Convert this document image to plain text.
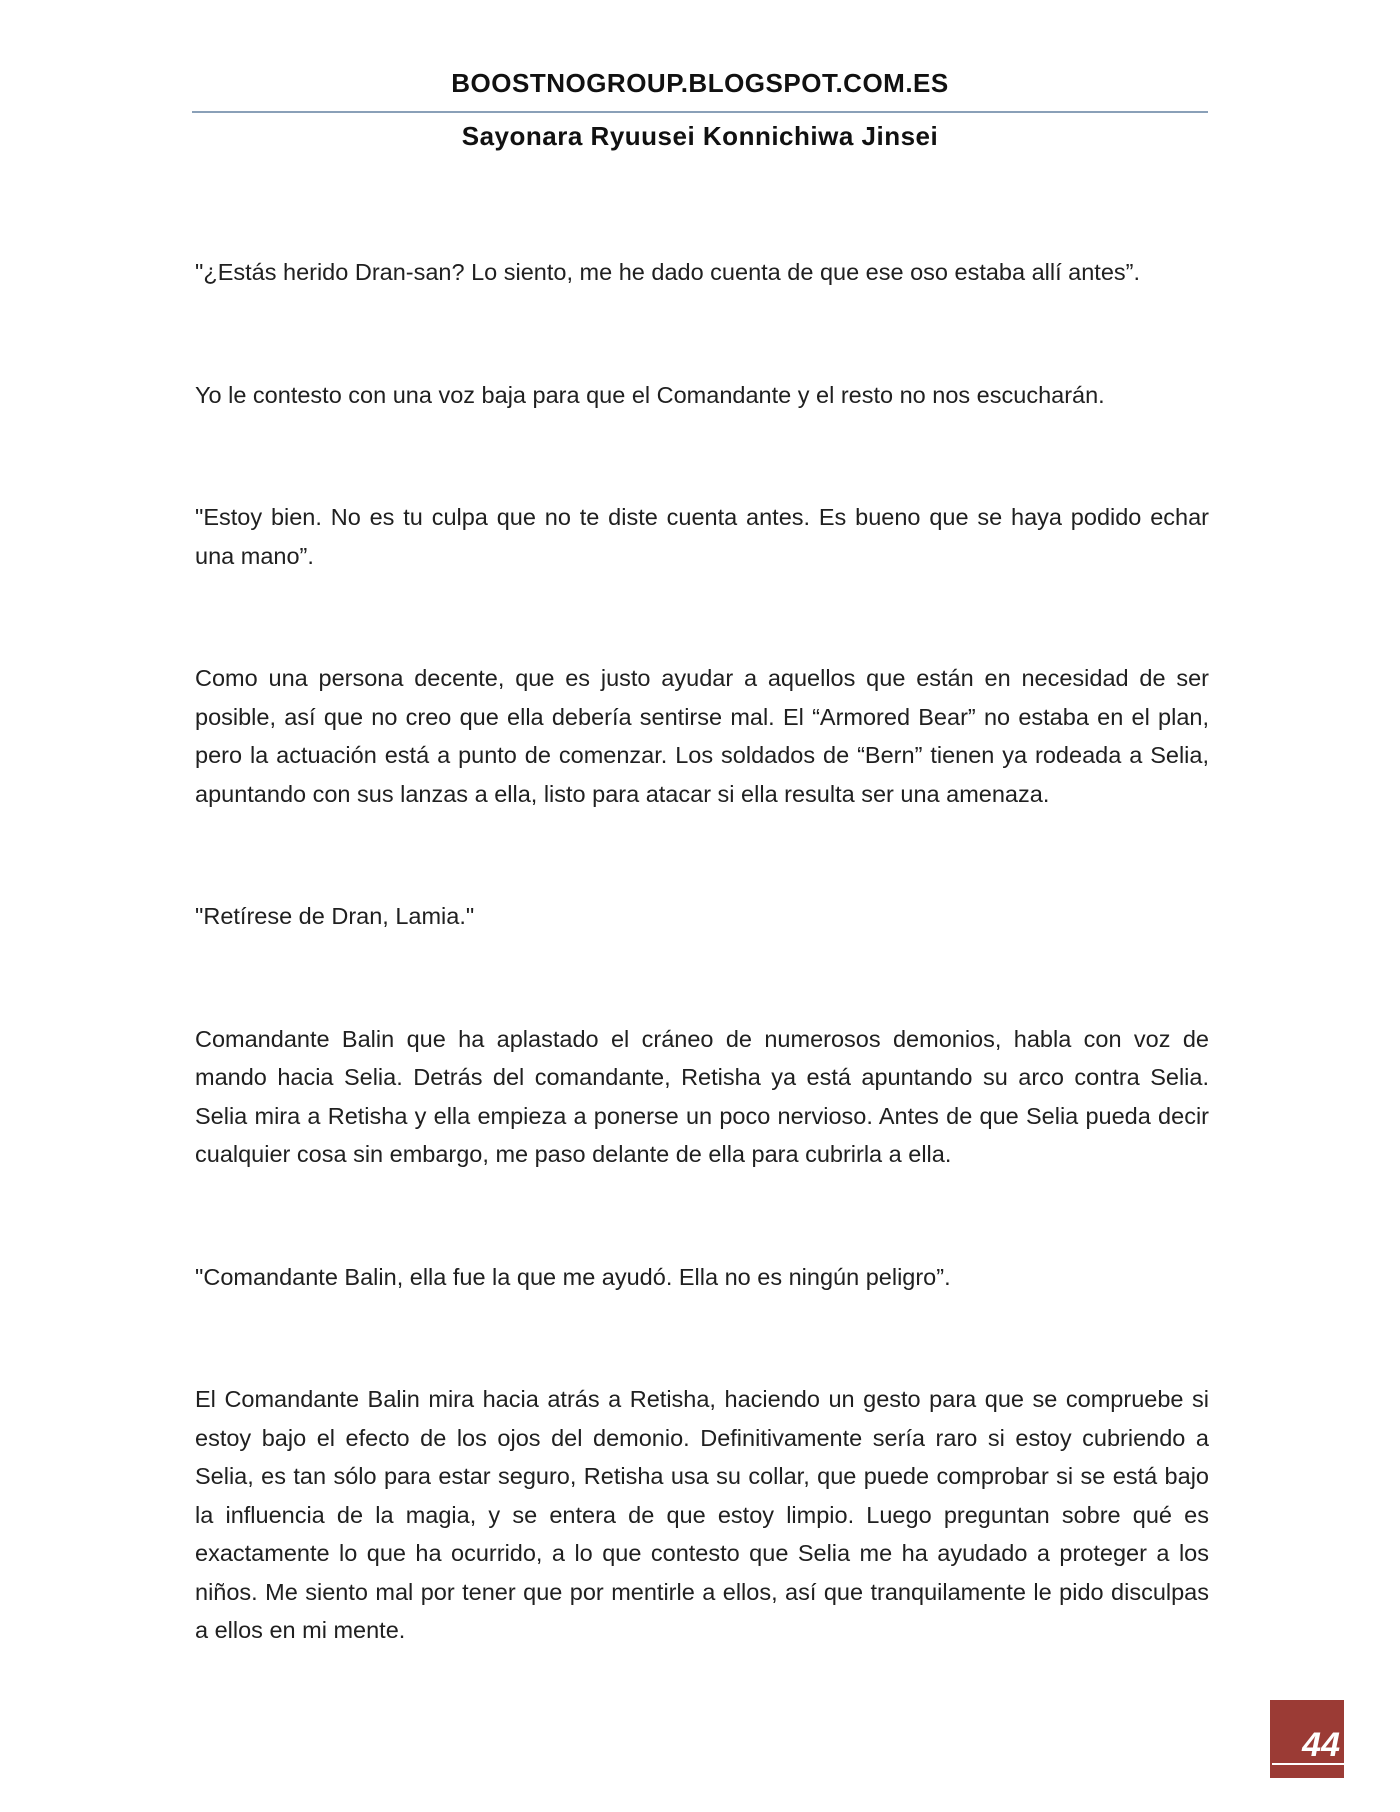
BOOSTNOGROUP.BLOGSPOT.COM.ES
Sayonara Ryuusei Konnichiwa Jinsei

"¿Estás herido Dran-san? Lo siento, me he dado cuenta de que ese oso estaba allí antes”.

Yo le contesto con una voz baja para que el Comandante y el resto no nos escucharán.

"Estoy bien. No es tu culpa que no te diste cuenta antes. Es bueno que se haya podido echar una mano”.

Como una persona decente, que es justo ayudar a aquellos que están en necesidad de ser posible, así que no creo que ella debería sentirse mal. El “Armored Bear” no estaba en el plan, pero la actuación está a punto de comenzar. Los soldados de “Bern” tienen ya rodeada a Selia, apuntando con sus lanzas a ella, listo para atacar si ella resulta ser una amenaza.

"Retírese de Dran, Lamia."

Comandante Balin que ha aplastado el cráneo de numerosos demonios, habla con voz de mando hacia Selia. Detrás del comandante, Retisha ya está apuntando su arco contra Selia. Selia mira a Retisha y ella empieza a ponerse un poco nervioso. Antes de que Selia pueda decir cualquier cosa sin embargo, me paso delante de ella para cubrirla a ella.

"Comandante Balin, ella fue la que me ayudó. Ella no es ningún peligro”.

El Comandante Balin mira hacia atrás a Retisha, haciendo un gesto para que se compruebe si estoy bajo el efecto de los ojos del demonio. Definitivamente sería raro si estoy cubriendo a Selia, es tan sólo para estar seguro, Retisha usa su collar, que puede comprobar si se está bajo la influencia de la magia, y se entera de que estoy limpio. Luego preguntan sobre qué es exactamente lo que ha ocurrido, a lo que contesto que Selia me ha ayudado a proteger a los niños. Me siento mal por tener que por mentirle a ellos, así que tranquilamente le pido disculpas a ellos en mi mente.

44
